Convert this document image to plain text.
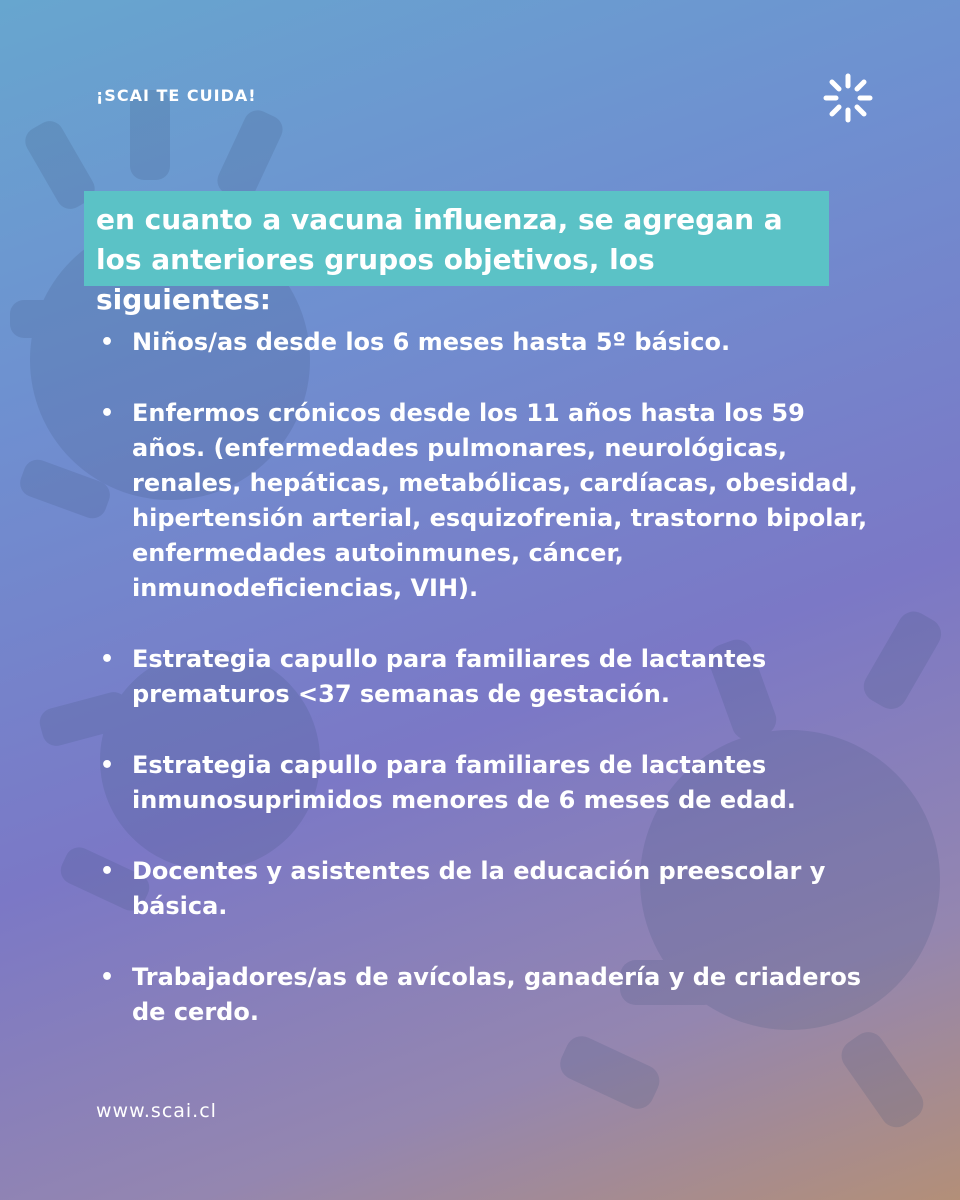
¡SCAI TE CUIDA!

en cuanto a vacuna influenza, se agregan a los anteriores grupos objetivos, los siguientes:

• Niños/as desde los 6 meses hasta 5º básico.
• Enfermos crónicos desde los 11 años hasta los 59 años. (enfermedades pulmonares, neurológicas, renales, hepáticas, metabólicas, cardíacas, obesidad, hipertensión arterial, esquizofrenia, trastorno bipolar, enfermedades autoinmunes, cáncer, inmunodeficiencias, VIH).
• Estrategia capullo para familiares de lactantes prematuros <37 semanas de gestación.
• Estrategia capullo para familiares de lactantes inmunosuprimidos menores de 6 meses de edad.
• Docentes y asistentes de la educación preescolar y básica.
• Trabajadores/as de avícolas, ganadería y de criaderos de cerdo.
www.scai.cl
